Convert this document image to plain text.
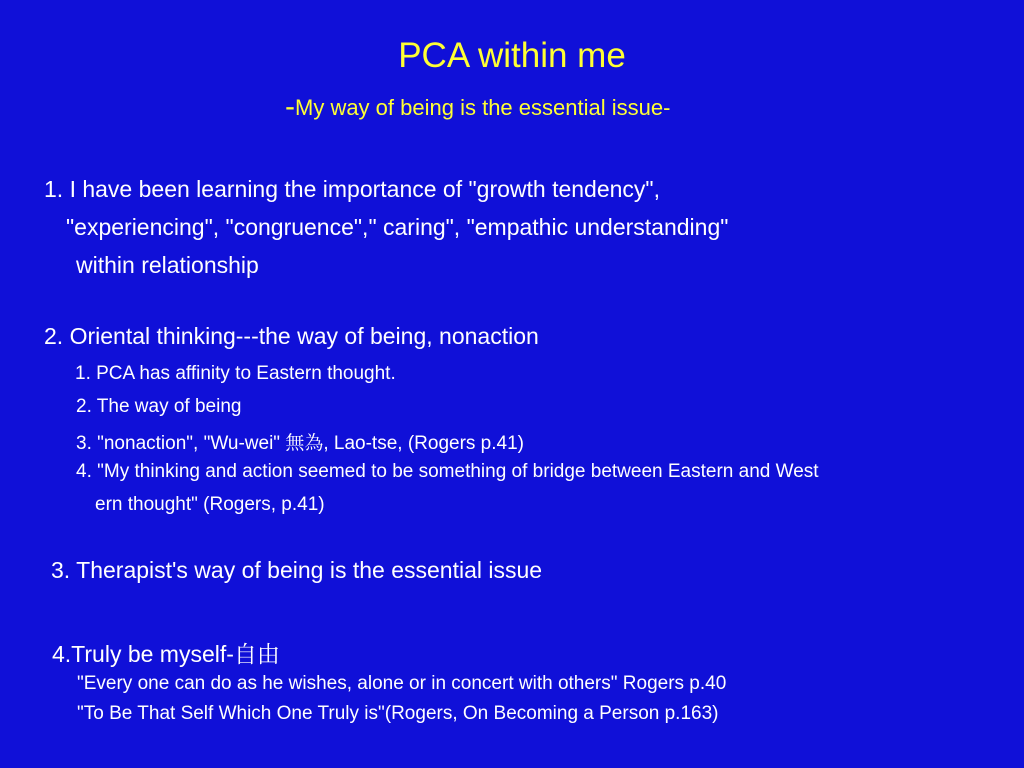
PCA within me
-My way of being is the essential issue-
1. I have been learning the importance of "growth tendency",
"experiencing", "congruence"," caring", "empathic understanding"
within relationship
2. Oriental thinking---the way of being, nonaction
1. PCA has affinity to Eastern thought.
2. The way of being
3. "nonaction", "Wu-wei" 無為, Lao-tse, (Rogers p.41)
4. "My thinking and action seemed to be something of bridge between Eastern and West
ern thought" (Rogers, p.41)
3. Therapist's way of being is the essential issue
4.Truly be myself-自由
"Every one can do as he wishes, alone or in concert with others" Rogers p.40
"To Be That Self Which One Truly is"(Rogers, On Becoming a Person p.163)
